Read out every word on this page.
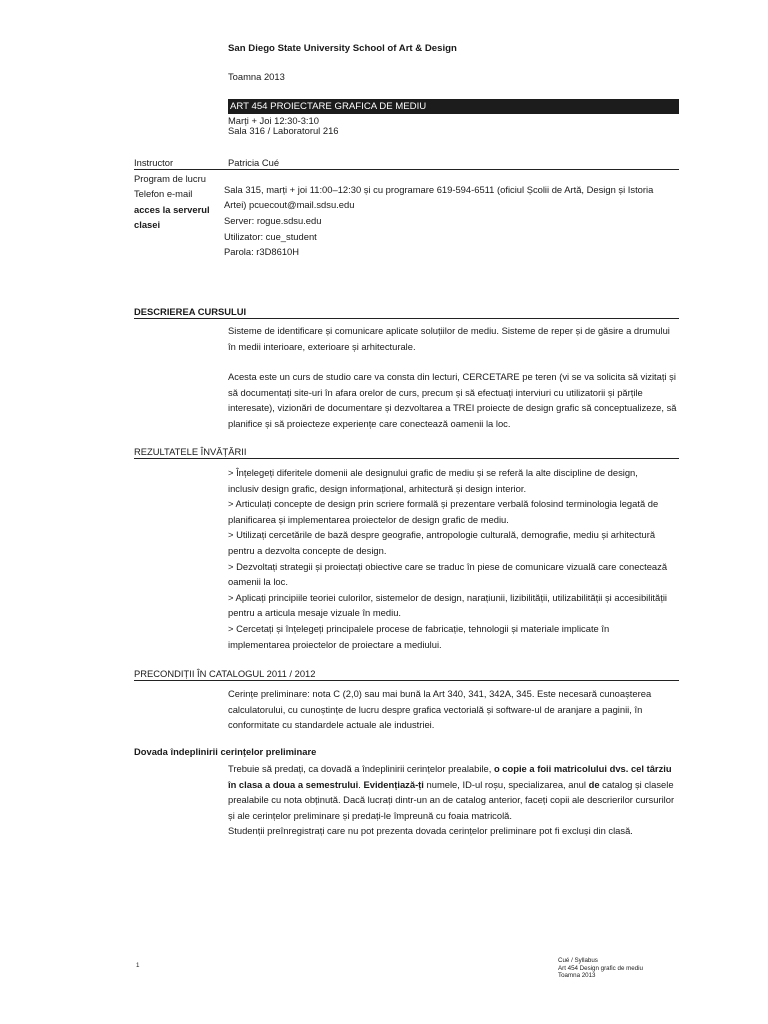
San Diego State University School of Art & Design
Toamna 2013
ART 454 PROIECTARE GRAFICA DE MEDIU
Marți + Joi 12:30-3:10
Sala 316 / Laboratorul 216
Instructor	Patricia Cué
Program de lucru
Telefon e-mail
acces la serverul
clasei
Sala 315, marți + joi 11:00–12:30 și cu programare 619-594-6511 (oficiul Școlii de Artă, Design și Istoria
Artei) pcuecout@mail.sdsu.edu
Server: rogue.sdsu.edu
Utilizator: cue_student
Parola: r3D8610H
DESCRIEREA CURSULUI

Sisteme de identificare și comunicare aplicate soluțiilor de mediu. Sisteme de reper și de găsire a drumului

în medii interioare, exterioare și arhitecturale.

Acesta este un curs de studio care va consta din lecturi, CERCETARE pe teren (vi se va solicita să vizitați și

să documentați site-uri în afara orelor de curs, precum și să efectuați interviuri cu utilizatorii și părțile

interesate), vizionări de documentare și dezvoltarea a TREI proiecte de design grafic să conceptualizeze, să

planifice și să proiecteze experiențe care conectează oamenii la loc.

REZULTATELE ÎNVĂȚĂRII

> Înțelegeți diferitele domenii ale designului grafic de mediu și se referă la alte discipline de design,

inclusiv design grafic, design informațional, arhitectură și design interior.

> Articulați concepte de design prin scriere formală și prezentare verbală folosind terminologia legată de

planificarea și implementarea proiectelor de design grafic de mediu.

> Utilizați cercetările de bază despre geografie, antropologie culturală, demografie, mediu și arhitectură

pentru a dezvolta concepte de design.

> Dezvoltați strategii și proiectați obiective care se traduc în piese de comunicare vizuală care conectează

oamenii la loc.

> Aplicați principiile teoriei culorilor, sistemelor de design, narațiunii, lizibilității, utilizabilității și accesibilității

pentru a articula mesaje vizuale în mediu.

> Cercetați și înțelegeți principalele procese de fabricație, tehnologii și materiale implicate în

implementarea proiectelor de proiectare a mediului.

PRECONDIȚII ÎN CATALOGUL 2011 / 2012

Cerințe preliminare: nota C (2,0) sau mai bună la Art 340, 341, 342A, 345. Este necesară cunoașterea

calculatorului, cu cunoștințe de lucru despre grafica vectorială și software-ul de aranjare a paginii, în

conformitate cu standardele actuale ale industriei.

Dovada îndeplinirii cerințelor preliminare

Trebuie să predați, ca dovadă a îndeplinirii cerințelor prealabile, o copie a foii matricolului dvs. cel târziu

în clasa a doua a semestrului. Evidențiază-ți numele, ID-ul roșu, specializarea, anul de catalog și clasele

prealabile cu nota obținută. Dacă lucrați dintr-un an de catalog anterior, faceți copii ale descrierilor cursurilor

și ale cerințelor preliminare și predați-le împreună cu foaia matricolă.

Studenții preînregistrați care nu pot prezenta dovada cerințelor preliminare pot fi excluși din clasă.

1
Cué / Syllabus
Art 454 Design grafic de mediu
Toamna 2013
